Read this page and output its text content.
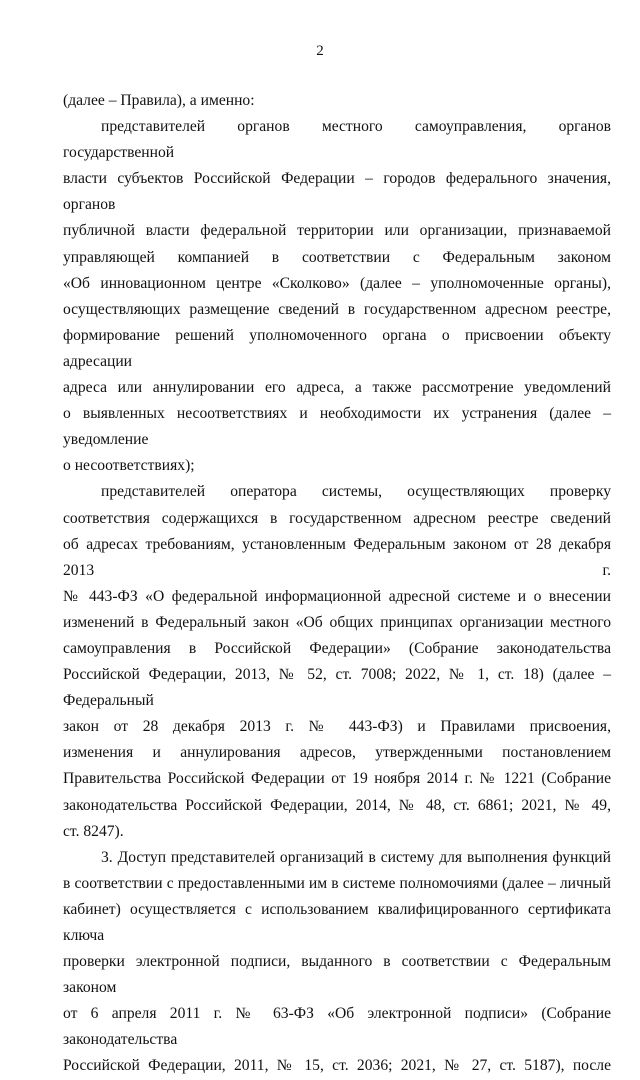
2
(далее – Правила), а именно:
представителей органов местного самоуправления, органов государственной
власти субъектов Российской Федерации – городов федерального значения, органов
публичной власти федеральной территории или организации, признаваемой
управляющей компанией в соответствии с Федеральным законом
«Об инновационном центре «Сколково» (далее – уполномоченные органы),
осуществляющих размещение сведений в государственном адресном реестре,
формирование решений уполномоченного органа о присвоении объекту адресации
адреса или аннулировании его адреса, а также рассмотрение уведомлений
о выявленных несоответствиях и необходимости их устранения (далее – уведомление
о несоответствиях);
представителей оператора системы, осуществляющих проверку
соответствия содержащихся в государственном адресном реестре сведений
об адресах требованиям, установленным Федеральным законом от 28 декабря 2013 г.
№ 443-ФЗ «О федеральной информационной адресной системе и о внесении
изменений в Федеральный закон «Об общих принципах организации местного
самоуправления в Российской Федерации» (Собрание законодательства
Российской Федерации, 2013, № 52, ст. 7008; 2022, № 1, ст. 18) (далее – Федеральный
закон от 28 декабря 2013 г. № 443-ФЗ) и Правилами присвоения,
изменения и аннулирования адресов, утвержденными постановлением
Правительства Российской Федерации от 19 ноября 2014 г. № 1221 (Собрание
законодательства Российской Федерации, 2014, № 48, ст. 6861; 2021, № 49,
ст. 8247).
3. Доступ представителей организаций в систему для выполнения функций
в соответствии с предоставленными им в системе полномочиями (далее – личный
кабинет) осуществляется с использованием квалифицированного сертификата ключа
проверки электронной подписи, выданного в соответствии с Федеральным законом
от 6 апреля 2011 г. № 63-ФЗ «Об электронной подписи» (Собрание законодательства
Российской Федерации, 2011, № 15, ст. 2036; 2021, № 27, ст. 5187), после
